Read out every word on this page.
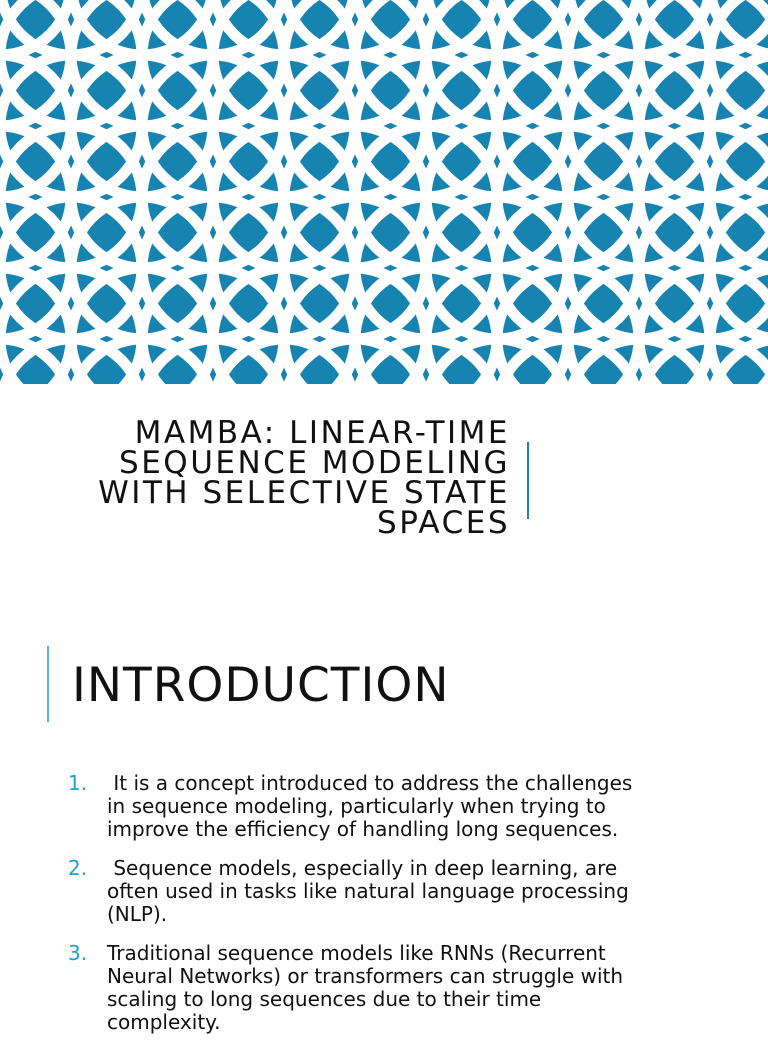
MAMBA: LINEAR-TIME
SEQUENCE MODELING
WITH SELECTIVE STATE
SPACES
INTRODUCTION
1.	It is a concept introduced to address the challenges
in sequence modeling, particularly when trying to
improve the efficiency of handling long sequences.
2.	Sequence models, especially in deep learning, are
often used in tasks like natural language processing
(NLP).
3. Traditional sequence models like RNNs (Recurrent
Neural Networks) or transformers can struggle with
scaling to long sequences due to their time
complexity.
